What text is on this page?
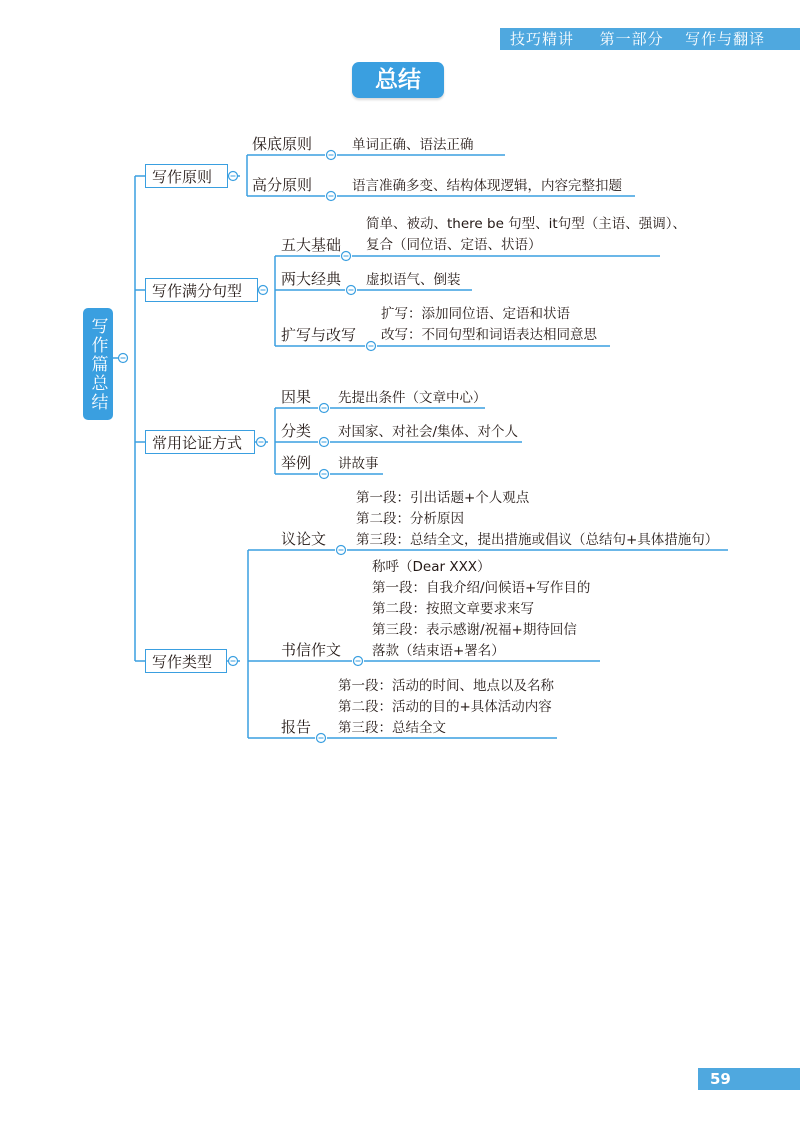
技巧精讲 第一部分 写作与翻译
总结
写作篇总结
写作原则
写作满分句型
常用论证方式
写作类型
保底原则
高分原则
五大基础
两大经典
扩写与改写
因果
分类
举例
议论文
书信作文
报告
单词正确、语法正确
语言准确多变、结构体现逻辑，内容完整扣题
简单、被动、there be 句型、it句型（主语、强调）、
复合（同位语、定语、状语）
虚拟语气、倒装
扩写：添加同位语、定语和状语
改写：不同句型和词语表达相同意思
先提出条件（文章中心）
对国家、对社会/集体、对个人
讲故事
第一段：引出话题+个人观点
第二段：分析原因
第三段：总结全文，提出措施或倡议（总结句+具体措施句）
称呼（Dear XXX）
第一段：自我介绍/问候语+写作目的
第二段：按照文章要求来写
第三段：表示感谢/祝福+期待回信
落款（结束语+署名）
第一段：活动的时间、地点以及名称
第二段：活动的目的+具体活动内容
第三段：总结全文
59
